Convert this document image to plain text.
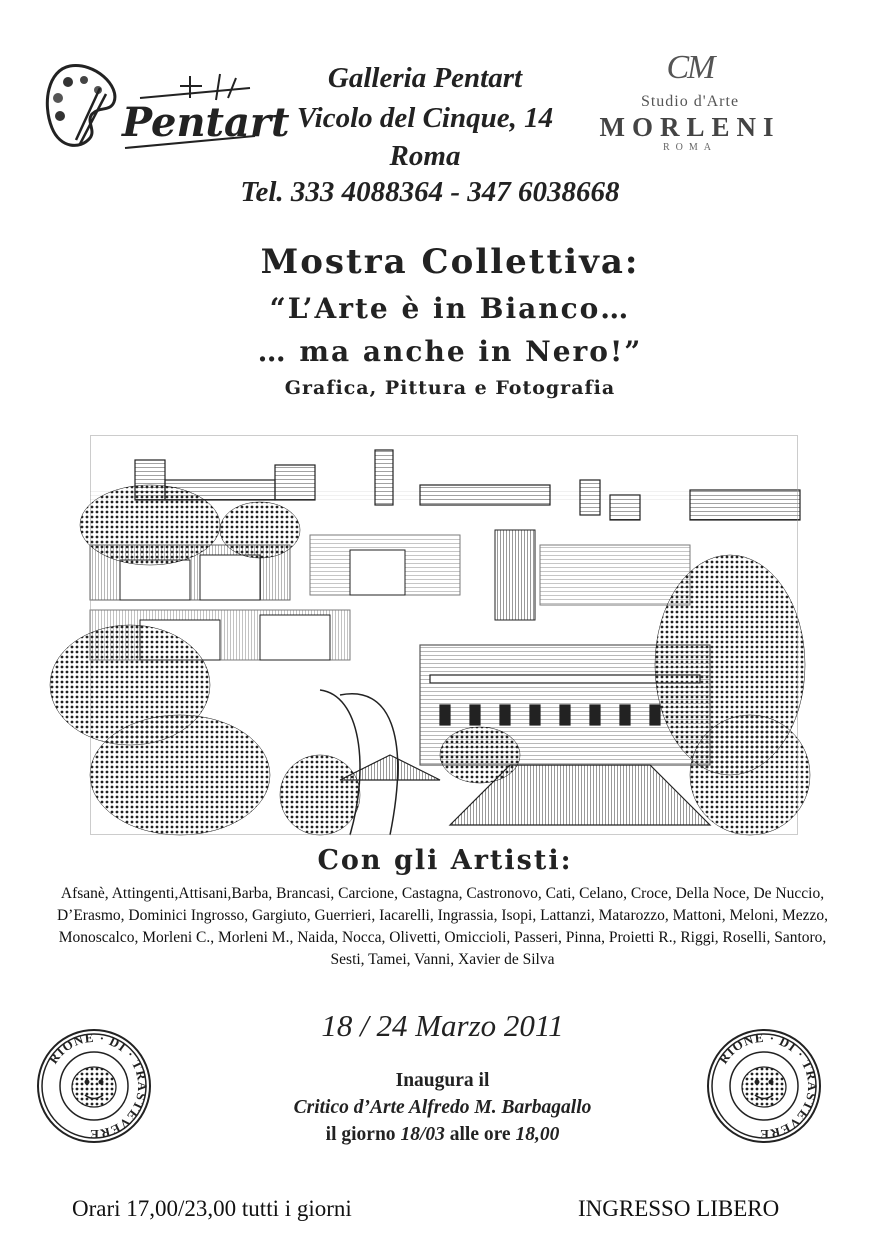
Pentart
Galleria Pentart
Vicolo del Cinque, 14
Roma
Tel. 333 4088364 - 347 6038668
CM
Studio d'Arte
MORLENI
ROMA
Mostra Collettiva:
“L’Arte è in Bianco…
… ma anche in Nero!”
Grafica, Pittura e Fotografia
Con gli Artisti:
Afsanè, Attingenti,Attisani,Barba, Brancasi, Carcione, Castagna, Castronovo, Cati, Celano, Croce, Della Noce, De Nuccio, D’Erasmo, Dominici Ingrosso, Gargiuto, Guerrieri, Iacarelli, Ingrassia, Isopi, Lattanzi, Matarozzo, Mattoni, Meloni, Mezzo, Monoscalco, Morleni C., Morleni M., Naida, Nocca, Olivetti, Omiccioli, Passeri, Pinna, Proietti R., Riggi, Roselli, Santoro, Sesti, Tamei, Vanni, Xavier de Silva
18 / 24 Marzo 2011
Inaugura il
Critico d’Arte Alfredo M. Barbagallo
il giorno 18/03 alle ore 18,00
RIONE · DI · TRASTEVERE
RIONE · DI · TRASTEVERE
Orari 17,00/23,00 tutti i giorni	INGRESSO LIBERO
